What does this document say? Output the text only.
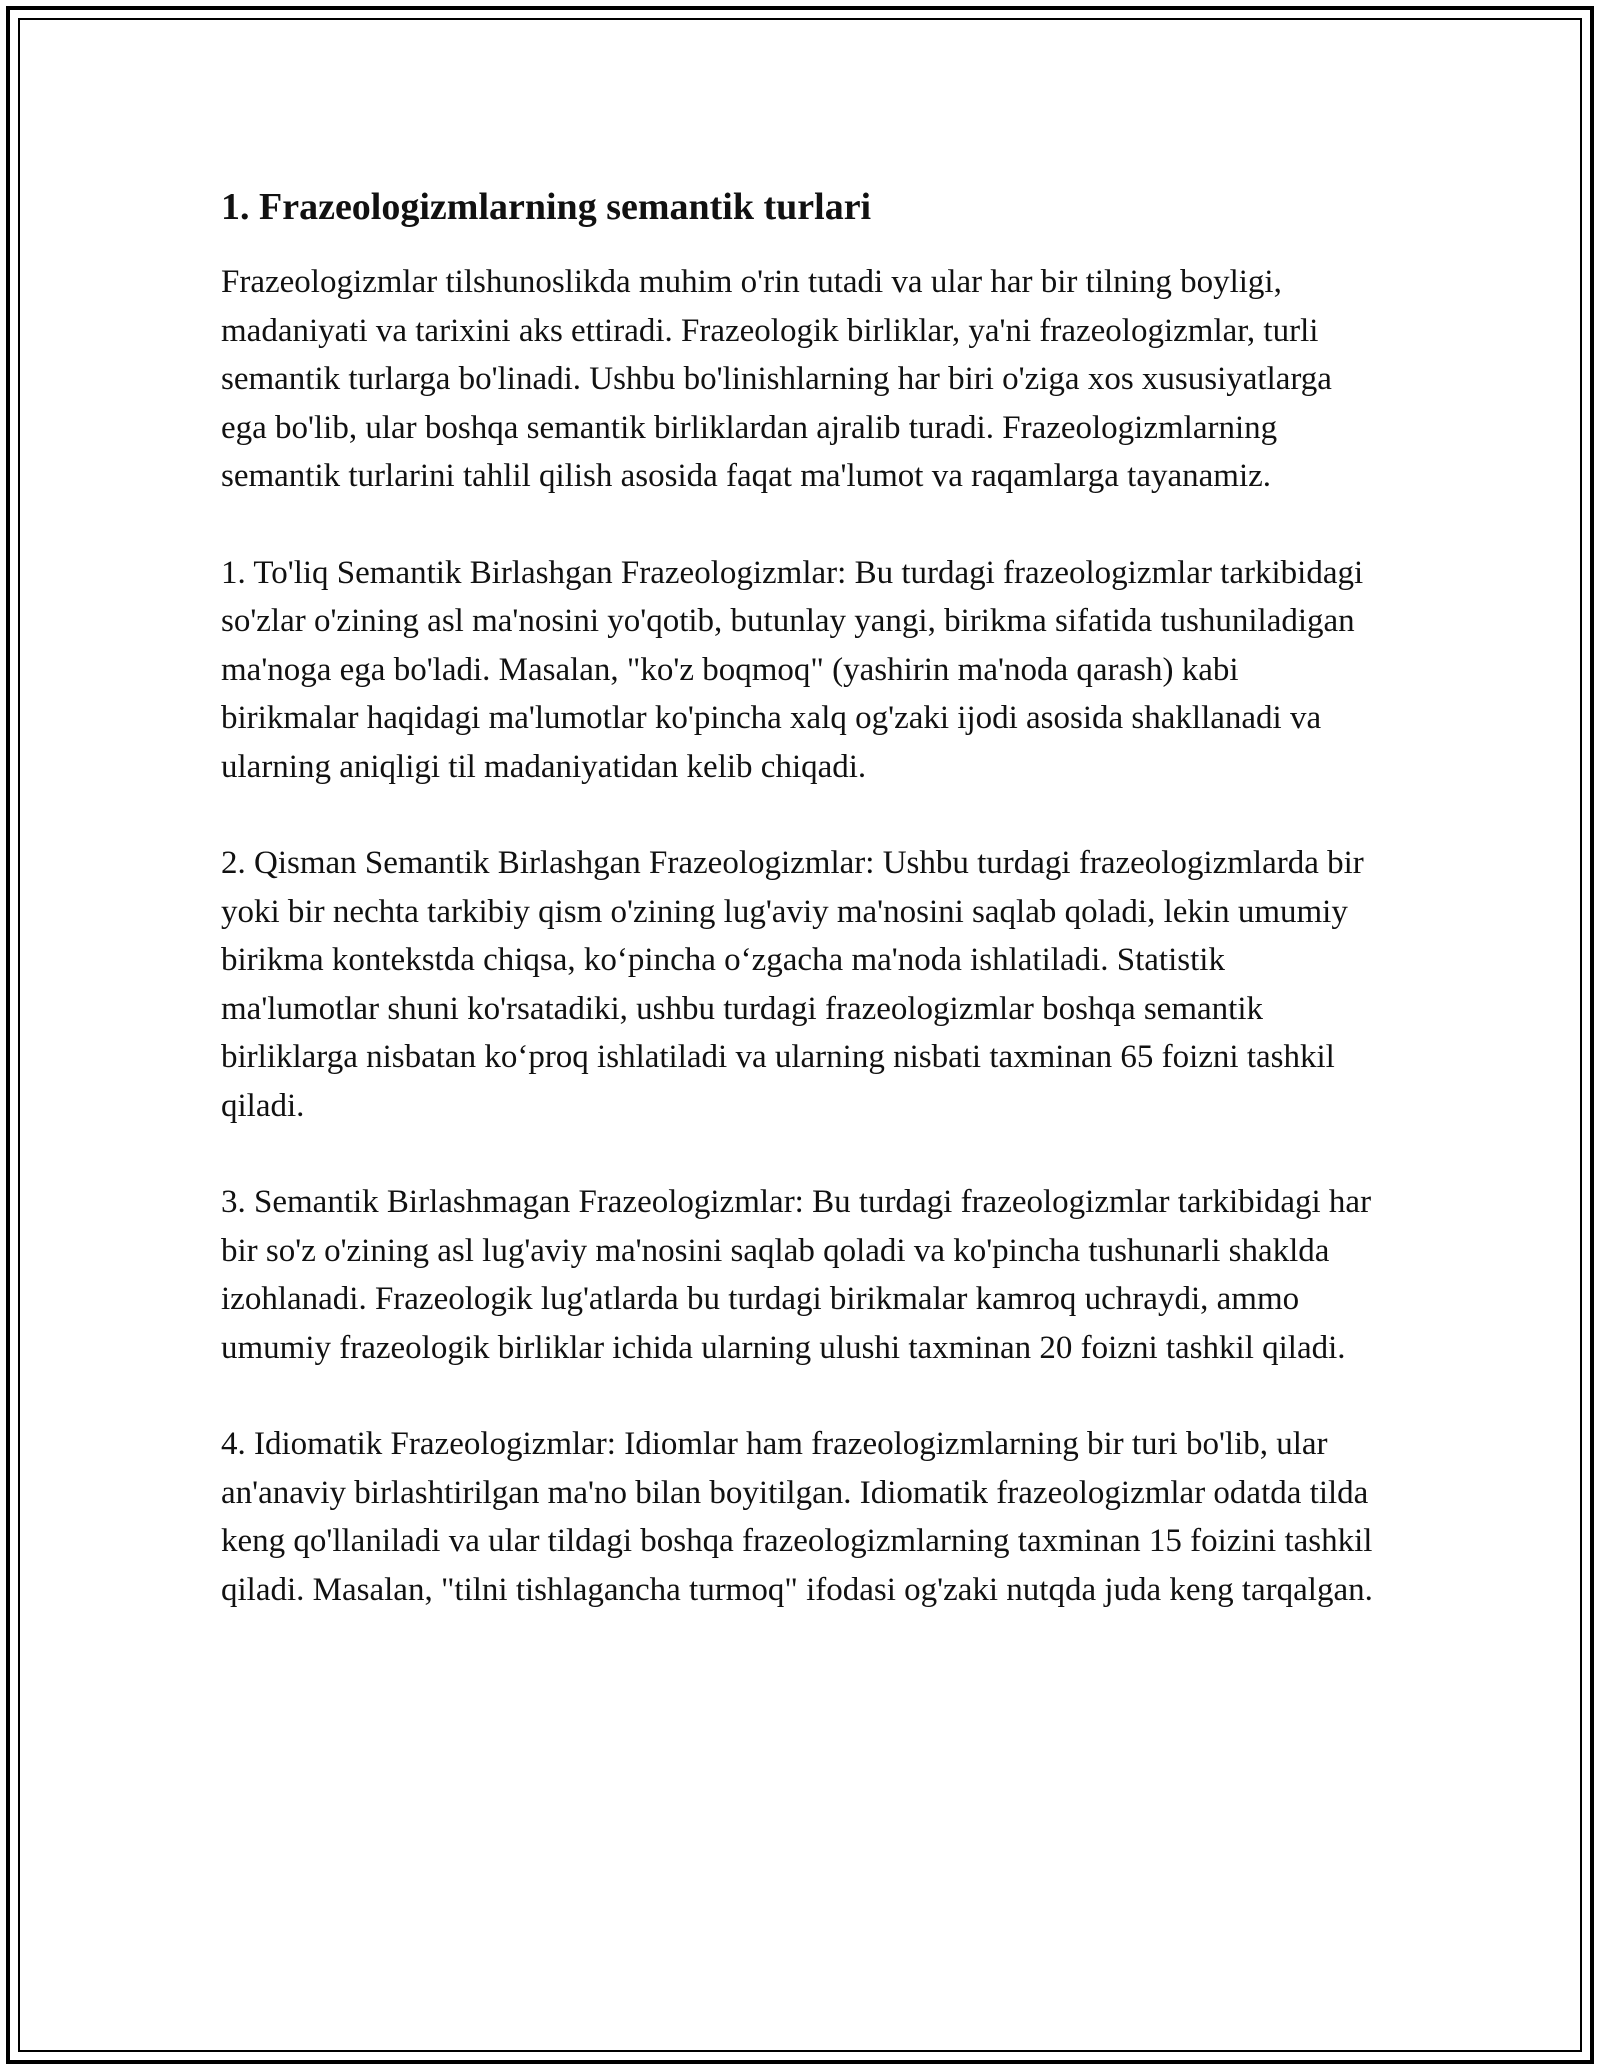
1. Frazeologizmlarning semantik turlari

Frazeologizmlar tilshunoslikda muhim o'rin tutadi va ular har bir tilning boyligi, madaniyati va tarixini aks ettiradi. Frazeologik birliklar, ya'ni frazeologizmlar, turli semantik turlarga bo'linadi. Ushbu bo'linishlarning har biri o'ziga xos xususiyatlarga ega bo'lib, ular boshqa semantik birliklardan ajralib turadi. Frazeologizmlarning semantik turlarini tahlil qilish asosida faqat ma'lumot va raqamlarga tayanamiz.

1. To'liq Semantik Birlashgan Frazeologizmlar: Bu turdagi frazeologizmlar tarkibidagi so'zlar o'zining asl ma'nosini yo'qotib, butunlay yangi, birikma sifatida tushuniladigan ma'noga ega bo'ladi. Masalan, "ko'z boqmoq" (yashirin ma'noda qarash) kabi birikmalar haqidagi ma'lumotlar ko'pincha xalq og'zaki ijodi asosida shakllanadi va ularning aniqligi til madaniyatidan kelib chiqadi.

2. Qisman Semantik Birlashgan Frazeologizmlar: Ushbu turdagi frazeologizmlarda bir yoki bir nechta tarkibiy qism o'zining lug'aviy ma'nosini saqlab qoladi, lekin umumiy birikma kontekstda chiqsa, ko‘pincha o‘zgacha ma'noda ishlatiladi. Statistik ma'lumotlar shuni ko'rsatadiki, ushbu turdagi frazeologizmlar boshqa semantik birliklarga nisbatan ko‘proq ishlatiladi va ularning nisbati taxminan 65 foizni tashkil qiladi.

3. Semantik Birlashmagan Frazeologizmlar: Bu turdagi frazeologizmlar tarkibidagi har bir so'z o'zining asl lug'aviy ma'nosini saqlab qoladi va ko'pincha tushunarli shaklda izohlanadi. Frazeologik lug'atlarda bu turdagi birikmalar kamroq uchraydi, ammo umumiy frazeologik birliklar ichida ularning ulushi taxminan 20 foizni tashkil qiladi.

4. Idiomatik Frazeologizmlar: Idiomlar ham frazeologizmlarning bir turi bo'lib, ular an'anaviy birlashtirilgan ma'no bilan boyitilgan. Idiomatik frazeologizmlar odatda tilda keng qo'llaniladi va ular tildagi boshqa frazeologizmlarning taxminan 15 foizini tashkil qiladi. Masalan, "tilni tishlagancha turmoq" ifodasi og'zaki nutqda juda keng tarqalgan.
